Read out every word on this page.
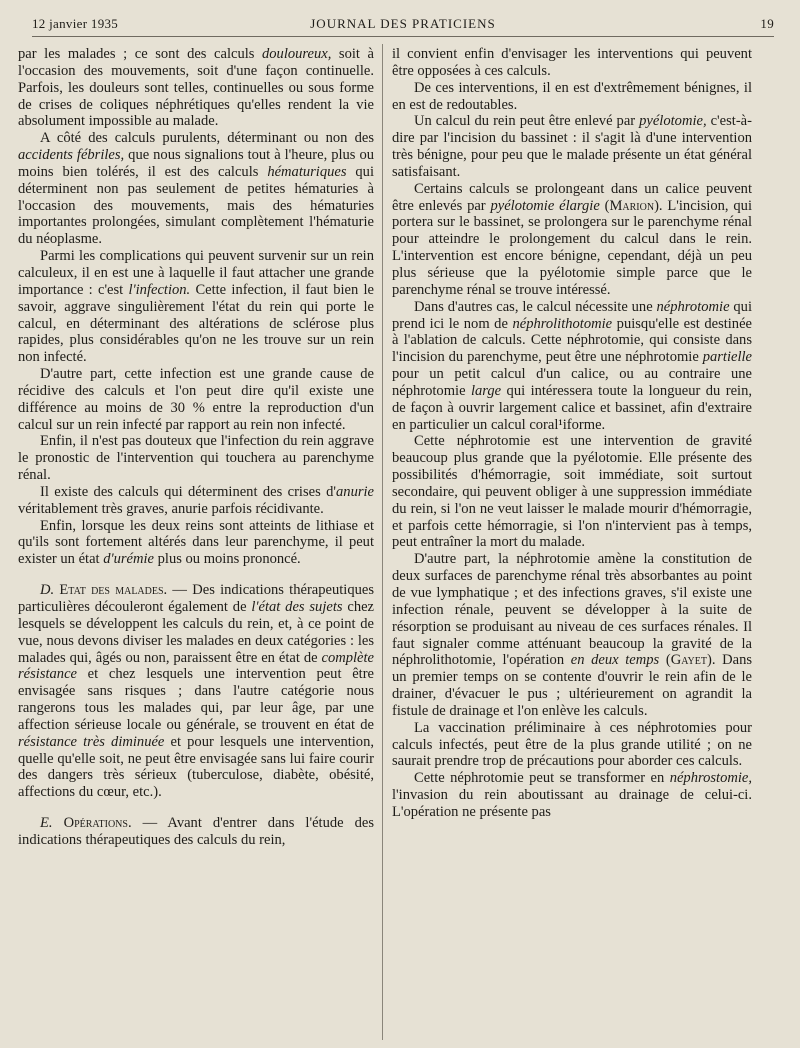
12 janvier 1935	JOURNAL DES PRATICIENS	19

par les malades ; ce sont des calculs douloureux, soit à l'occasion des mouvements, soit d'une façon continuelle. Parfois, les douleurs sont telles, continuelles ou sous forme de crises de coliques néphrétiques qu'elles rendent la vie absolument impossible au malade.

A côté des calculs purulents, déterminant ou non des accidents fébriles, que nous signalions tout à l'heure, plus ou moins bien tolérés, il est des calculs hématuriques qui déterminent non pas seulement de petites hématuries à l'occasion des mouvements, mais des hématuries importantes prolongées, simulant complètement l'hématurie du néoplasme.

Parmi les complications qui peuvent survenir sur un rein calculeux, il en est une à laquelle il faut attacher une grande importance : c'est l'infection. Cette infection, il faut bien le savoir, aggrave singulièrement l'état du rein qui porte le calcul, en déterminant des altérations de sclérose plus rapides, plus considérables qu'on ne les trouve sur un rein non infecté.

D'autre part, cette infection est une grande cause de récidive des calculs et l'on peut dire qu'il existe une différence au moins de 30 % entre la reproduction d'un calcul sur un rein infecté par rapport au rein non infecté.

Enfin, il n'est pas douteux que l'infection du rein aggrave le pronostic de l'intervention qui touchera au parenchyme rénal.

Il existe des calculs qui déterminent des crises d'anurie véritablement très graves, anurie parfois récidivante.

Enfin, lorsque les deux reins sont atteints de lithiase et qu'ils sont fortement altérés dans leur parenchyme, il peut exister un état d'urémie plus ou moins prononcé.

D. Etat des malades. — Des indications thérapeutiques particulières découleront également de l'état des sujets chez lesquels se développent les calculs du rein, et, à ce point de vue, nous devons diviser les malades en deux catégories : les malades qui, âgés ou non, paraissent être en état de complète résistance et chez lesquels une intervention peut être envisagée sans risques ; dans l'autre catégorie nous rangerons tous les malades qui, par leur âge, par une affection sérieuse locale ou générale, se trouvent en état de résistance très diminuée et pour lesquels une intervention, quelle qu'elle soit, ne peut être envisagée sans lui faire courir des dangers très sérieux (tuberculose, diabète, obésité, affections du cœur, etc.).

E. Opérations. — Avant d'entrer dans l'étude des indications thérapeutiques des calculs du rein,

il convient enfin d'envisager les interventions qui peuvent être opposées à ces calculs.

De ces interventions, il en est d'extrêmement bénignes, il en est de redoutables.

Un calcul du rein peut être enlevé par pyélotomie, c'est-à-dire par l'incision du bassinet : il s'agit là d'une intervention très bénigne, pour peu que le malade présente un état général satisfaisant.

Certains calculs se prolongeant dans un calice peuvent être enlevés par pyélotomie élargie (Marion). L'incision, qui portera sur le bassinet, se prolongera sur le parenchyme rénal pour atteindre le prolongement du calcul dans le rein. L'intervention est encore bénigne, cependant, déjà un peu plus sérieuse que la pyélotomie simple parce que le parenchyme rénal se trouve intéressé.

Dans d'autres cas, le calcul nécessite une néphrotomie qui prend ici le nom de néphrolithotomie puisqu'elle est destinée à l'ablation de calculs. Cette néphrotomie, qui consiste dans l'incision du parenchyme, peut être une néphrotomie partielle pour un petit calcul d'un calice, ou au contraire une néphrotomie large qui intéressera toute la longueur du rein, de façon à ouvrir largement calice et bassinet, afin d'extraire en particulier un calcul coral¹iforme.

Cette néphrotomie est une intervention de gravité beaucoup plus grande que la pyélotomie. Elle présente des possibilités d'hémorragie, soit immédiate, soit surtout secondaire, qui peuvent obliger à une suppression immédiate du rein, si l'on ne veut laisser le malade mourir d'hémorragie, et parfois cette hémorragie, si l'on n'intervient pas à temps, peut entraîner la mort du malade.

D'autre part, la néphrotomie amène la constitution de deux surfaces de parenchyme rénal très absorbantes au point de vue lymphatique ; et des infections graves, s'il existe une infection rénale, peuvent se développer à la suite de résorption se produisant au niveau de ces surfaces rénales. Il faut signaler comme atténuant beaucoup la gravité de la néphrolithotomie, l'opération en deux temps (Gayet). Dans un premier temps on se contente d'ouvrir le rein afin de le drainer, d'évacuer le pus ; ultérieurement on agrandit la fistule de drainage et l'on enlève les calculs.

La vaccination préliminaire à ces néphrotomies pour calculs infectés, peut être de la plus grande utilité ; on ne saurait prendre trop de précautions pour aborder ces calculs.

Cette néphrotomie peut se transformer en néphrostomie, l'invasion du rein aboutissant au drainage de celui-ci. L'opération ne présente pas
